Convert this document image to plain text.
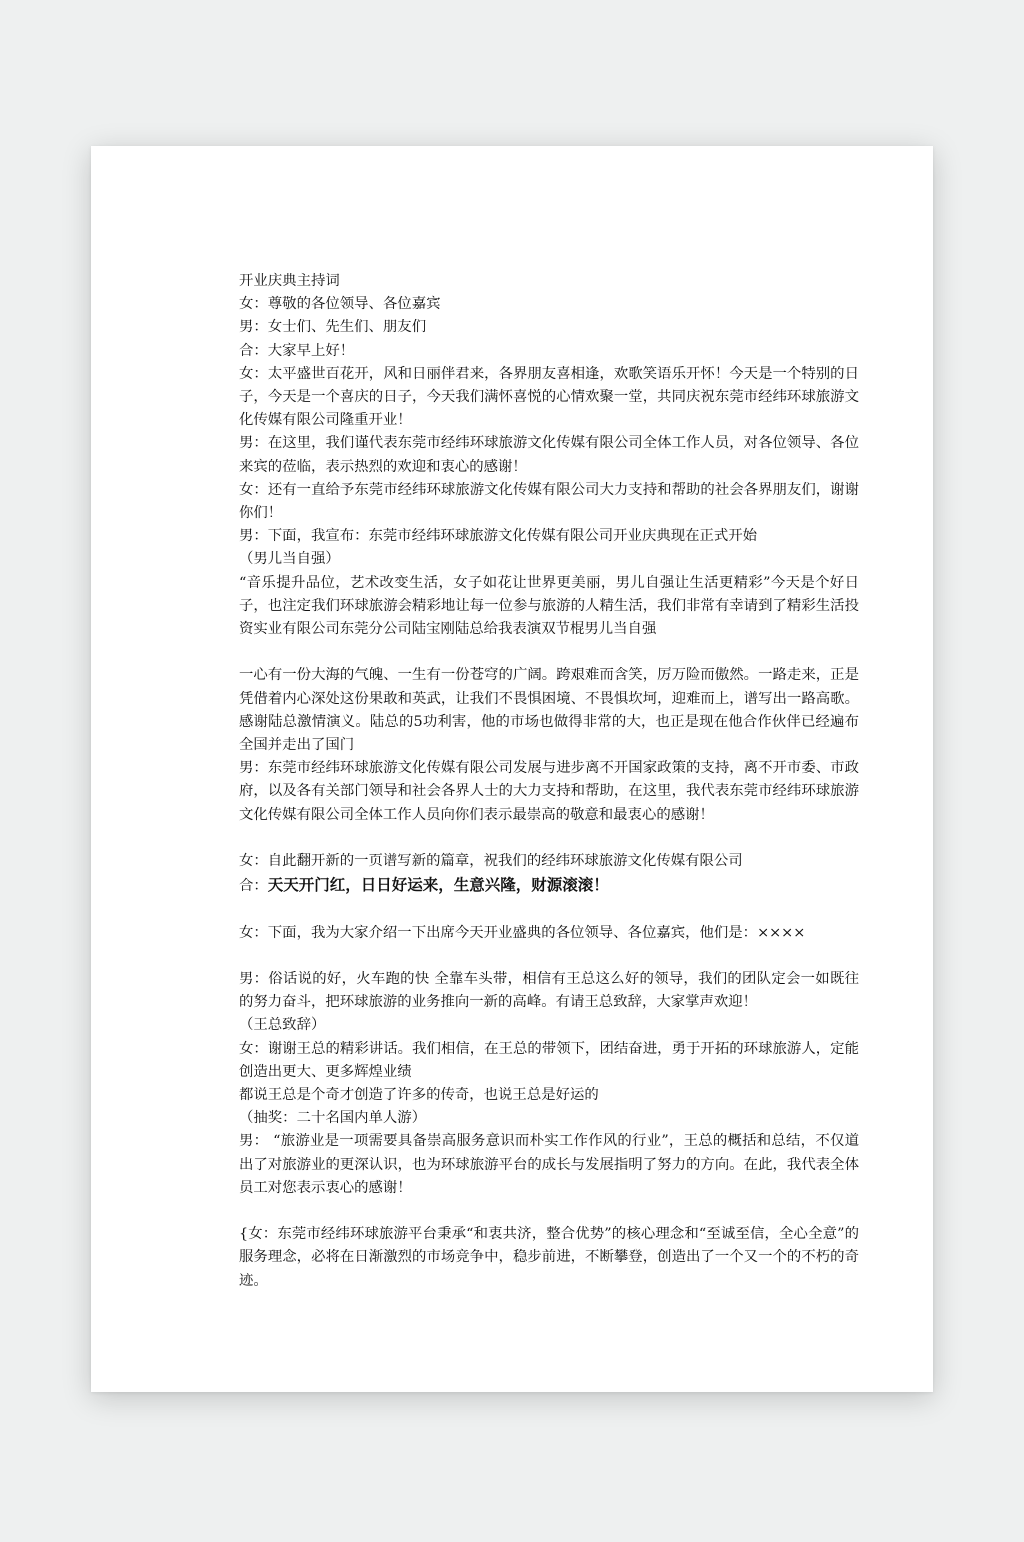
开业庆典主持词

女：尊敬的各位领导、各位嘉宾

男：女士们、先生们、朋友们

合：大家早上好！

女：太平盛世百花开，风和日丽伴君来，各界朋友喜相逢，欢歌笑语乐开怀！今天是一个特别的日子，今天是一个喜庆的日子，今天我们满怀喜悦的心情欢聚一堂，共同庆祝东莞市经纬环球旅游文化传媒有限公司隆重开业！

男：在这里，我们谨代表东莞市经纬环球旅游文化传媒有限公司全体工作人员，对各位领导、各位来宾的莅临，表示热烈的欢迎和衷心的感谢！

女：还有一直给予东莞市经纬环球旅游文化传媒有限公司大力支持和帮助的社会各界朋友们，谢谢你们！

男：下面，我宣布：东莞市经纬环球旅游文化传媒有限公司开业庆典现在正式开始

（男儿当自强）

“音乐提升品位，艺术改变生活，女子如花让世界更美丽，男儿自强让生活更精彩”今天是个好日子，也注定我们环球旅游会精彩地让每一位参与旅游的人精生活，我们非常有幸请到了精彩生活投资实业有限公司东莞分公司陆宝刚陆总给我表演双节棍男儿当自强

一心有一份大海的气魄、一生有一份苍穹的广阔。跨艰难而含笑，厉万险而傲然。一路走来，正是凭借着内心深处这份果敢和英武，让我们不畏惧困境、不畏惧坎坷，迎难而上，谱写出一路高歌。感谢陆总激情演义。陆总的5功利害，他的市场也做得非常的大，也正是现在他合作伙伴已经遍布全国并走出了国门

男：东莞市经纬环球旅游文化传媒有限公司发展与进步离不开国家政策的支持，离不开市委、市政府，以及各有关部门领导和社会各界人士的大力支持和帮助，在这里，我代表东莞市经纬环球旅游文化传媒有限公司全体工作人员向你们表示最崇高的敬意和最衷心的感谢！

女：自此翻开新的一页谱写新的篇章，祝我们的经纬环球旅游文化传媒有限公司

合：天天开门红，日日好运来，生意兴隆，财源滚滚！

女：下面，我为大家介绍一下出席今天开业盛典的各位领导、各位嘉宾，他们是：××××

男：俗话说的好，火车跑的快 全靠车头带，相信有王总这么好的领导，我们的团队定会一如既往的努力奋斗，把环球旅游的业务推向一新的高峰。有请王总致辞，大家掌声欢迎！

（王总致辞）

女：谢谢王总的精彩讲话。我们相信，在王总的带领下，团结奋进，勇于开拓的环球旅游人，定能创造出更大、更多辉煌业绩

都说王总是个奇才创造了许多的传奇，也说王总是好运的

（抽奖：二十名国内单人游）

男： “旅游业是一项需要具备崇高服务意识而朴实工作作风的行业”，王总的概括和总结，不仅道出了对旅游业的更深认识，也为环球旅游平台的成长与发展指明了努力的方向。在此，我代表全体员工对您表示衷心的感谢！

{女：东莞市经纬环球旅游平台秉承“和衷共济，整合优势”的核心理念和“至诚至信，全心全意”的服务理念，必将在日渐激烈的市场竞争中，稳步前进，不断攀登，创造出了一个又一个的不朽的奇迹。
